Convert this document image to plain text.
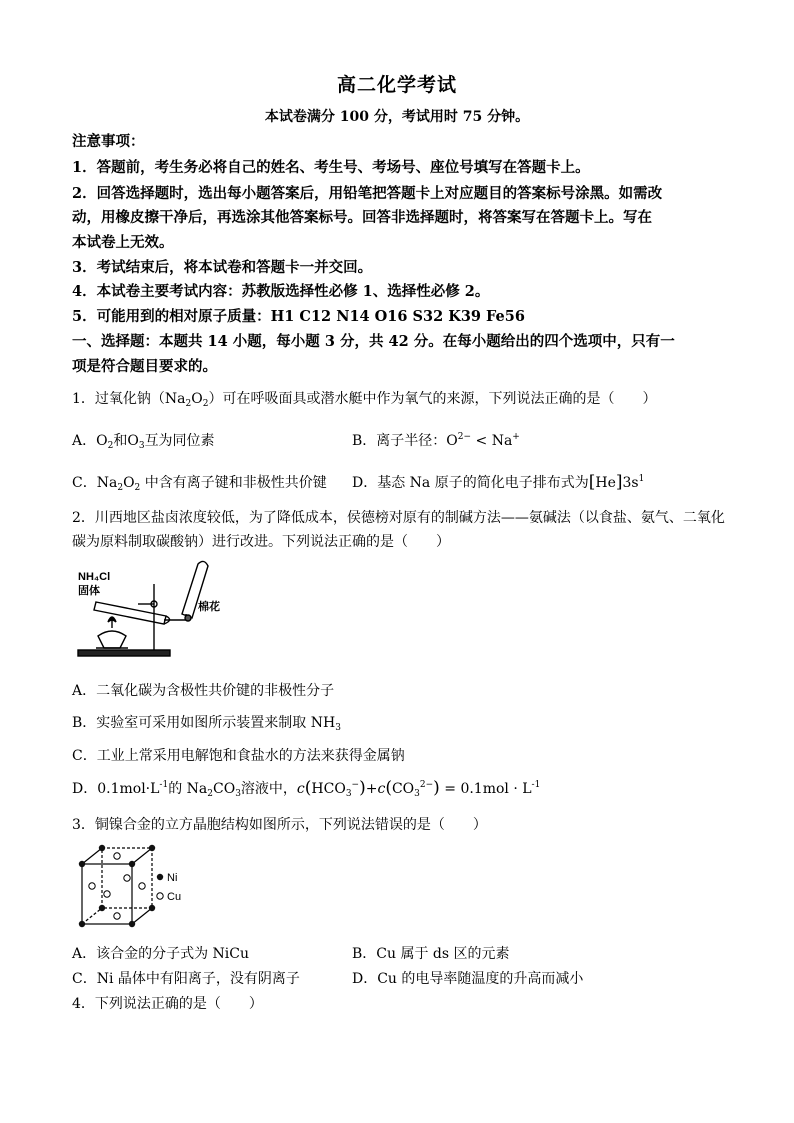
高二化学考试
本试卷满分 100 分，考试用时 75 分钟。
注意事项：
1．答题前，考生务必将自己的姓名、考生号、考场号、座位号填写在答题卡上。
2．回答选择题时，选出每小题答案后，用铅笔把答题卡上对应题目的答案标号涂黑。如需改
动，用橡皮擦干净后，再选涂其他答案标号。回答非选择题时，将答案写在答题卡上。写在
本试卷上无效。
3．考试结束后，将本试卷和答题卡一并交回。
4．本试卷主要考试内容：苏教版选择性必修 1、选择性必修 2。
5．可能用到的相对原子质量：H1 C12 N14 O16 S32 K39 Fe56
一、选择题：本题共 14 小题，每小题 3 分，共 42 分。在每小题给出的四个选项中，只有一
项是符合题目要求的。
1．过氧化钠$(Na_2O_2)$可在呼吸面具或潜水艇中作为氧气的来源，下列说法正确的是（　　）
A．$O_2$和$O_3$互为同位素	B．离子半径：$O^{2-} < Na^+$
C．$Na_2O_2$ 中含有离子键和非极性共价键 D．基态 Na 原子的简化电子排布式为$[He]3s^1$
2．川西地区盐卤浓度较低，为了降低成本，侯德榜对原有的制碱方法——氨碱法（以食盐、氨气、二氧化
碳为原料制取碳酸钠）进行改进。下列说法正确的是（　　）
NH₄Cl
固体
棉花
A．二氧化碳为含极性共价键的非极性分子
B．实验室可采用如图所示装置来制取 $NH_3$
C．工业上常采用电解饱和食盐水的方法来获得金属钠
D．$0.1mol\cdot L^{-1}$的 $Na_2CO_3$溶液中，$c(HCO_3^-)+c(CO_3^{2-}) = 0.1mol \cdot L^{-1}$
3．铜镍合金的立方晶胞结构如图所示，下列说法错误的是（　　）
Ni
Cu
A．该合金的分子式为 NiCu	B．Cu 属于 ds 区的元素
C．Ni 晶体中有阳离子，没有阴离子	D．Cu 的电导率随温度的升高而减小
4．下列说法正确的是（　　）
